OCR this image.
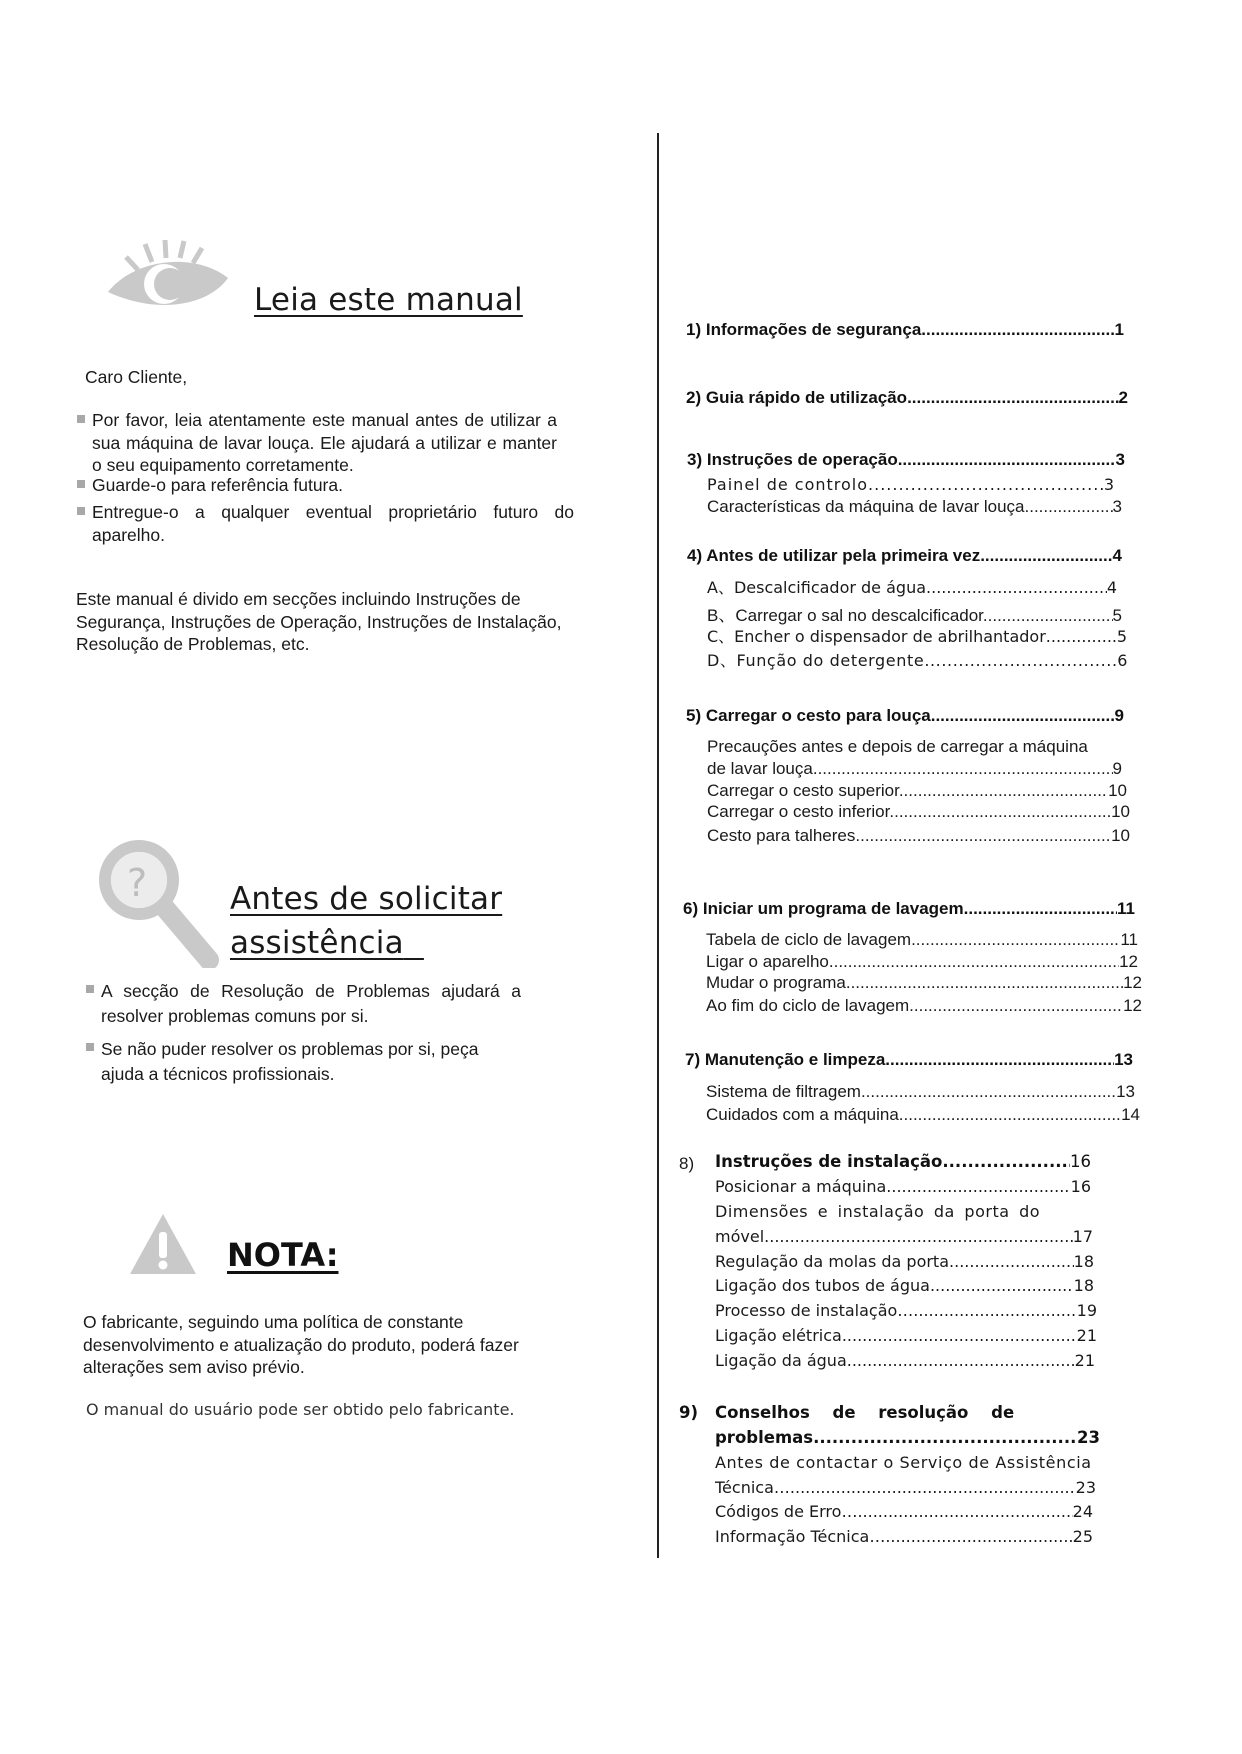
Leia este manual
Caro Cliente,
Por favor, leia atentamente este manual antes de utilizar a sua máquina de lavar louça. Ele ajudará a utilizar e manter o seu equipamento corretamente.
Guarde-o para referência futura.
Entregue-o a qualquer eventual proprietário futuro do aparelho.
Este manual é divido em secções incluindo Instruções de Segurança, Instruções de Operação, Instruções de Instalação, Resolução de Problemas, etc.
?	Antes de solicitar
assistência
A secção de Resolução de Problemas ajudará a resolver problemas comuns por si.
Se não puder resolver os problemas por si, peça ajuda a técnicos profissionais.
NOTA:
O fabricante, seguindo uma política de constante desenvolvimento e atualização do produto, poderá fazer alterações sem aviso prévio.
O manual do usuário pode ser obtido pelo fabricante.
1) Informações de segurança. .....	1
2) Guia rápido de utilização .....	2
3) Instruções de operação .....	3
Painel de controlo .....	3
Características da máquina de lavar louça .....	3
4) Antes de utilizar pela primeira vez .....	4
A、Descalcificador de água .....	4
B、Carregar o sal no descalcificador. .....	5
C、Encher o dispensador de abrilhantador .....	5
D、Função do detergente .....	6
5) Carregar o cesto para louça .....	9
Precauções antes e depois de carregar a máquina
de lavar louça .....	9
Carregar o cesto superior. .....	10
Carregar o cesto inferior. .....	10
Cesto para talheres .....	10
6) Iniciar um programa de lavagem .....	11
Tabela de ciclo de lavagem .....	11
Ligar o aparelho. .....	12
Mudar o programa .....	12
Ao fim do ciclo de lavagem .....	12
7) Manutenção e limpeza .....	13
Sistema de filtragem .....	13
Cuidados com a máquina .....	14
8) Instruções de instalação .....	16
Posicionar a máquina .....	16
Dimensões e instalação da porta do
móvel .....	17
Regulação da molas da porta .....	18
Ligação dos tubos de água .....	18
Processo de instalação… .....	19
Ligação elétrica .....	21
Ligação da água .....	21
9) Conselhos de resolução de
problemas .....	23
Antes de contactar o Serviço de Assistência
Técnica… .....	23
Códigos de Erro… .....	24
Informação Técnica… .....	25
